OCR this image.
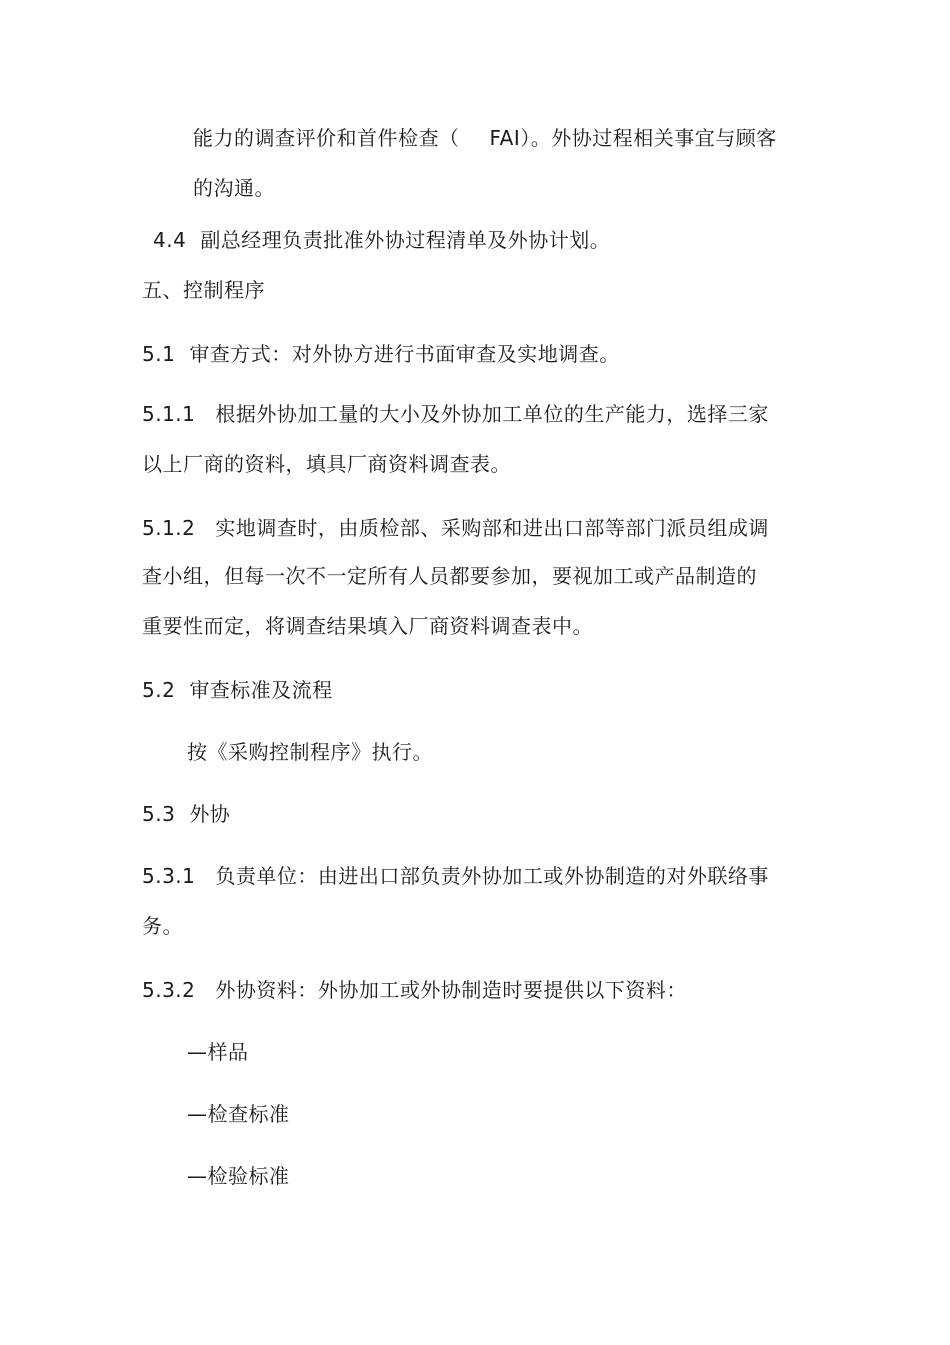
能力的调查评价和首件检查（ FAI）。外协过程相关事宜与顾客
的沟通。
4.4 副总经理负责批准外协过程清单及外协计划。
五、控制程序
5.1 审查方式：对外协方进行书面审查及实地调查。
5.1.1 根据外协加工量的大小及外协加工单位的生产能力，选择三家
以上厂商的资料，填具厂商资料调查表。
5.1.2 实地调查时，由质检部、采购部和进出口部等部门派员组成调
查小组，但每一次不一定所有人员都要参加，要视加工或产品制造的
重要性而定，将调查结果填入厂商资料调查表中。
5.2 审查标准及流程
按《采购控制程序》执行。
5.3 外协
5.3.1 负责单位：由进出口部负责外协加工或外协制造的对外联络事
务。
5.3.2 外协资料：外协加工或外协制造时要提供以下资料：
—样品
—检查标准
—检验标准
